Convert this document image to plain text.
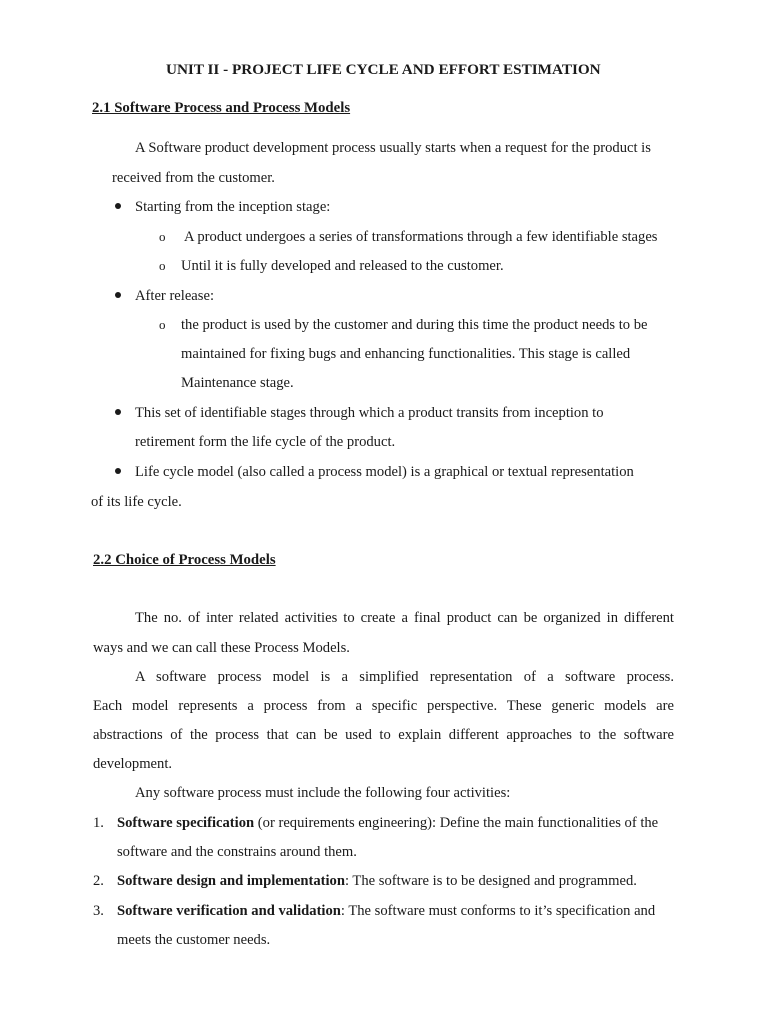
UNIT II - PROJECT LIFE CYCLE AND EFFORT ESTIMATION
2.1 Software Process and Process Models
A Software product development process usually starts when a request for the product is
received from the customer.
Starting from the inception stage:
o A product undergoes a series of transformations through a few identifiable stages
o Until it is fully developed and released to the customer.
After release:
o the product is used by the customer and during this time the product needs to be
maintained for fixing bugs and enhancing functionalities. This stage is called
Maintenance stage.
This set of identifiable stages through which a product transits from inception to
retirement form the life cycle of the product.
Life cycle model (also called a process model) is a graphical or textual representation
of its life cycle.
2.2 Choice of Process Models
The no. of inter related activities to create a final product can be organized in different
ways and we can call these Process Models.
A software process model is a simplified representation of a software process.
Each model represents a process from a specific perspective. These generic models are
abstractions of the process that can be used to explain different approaches to the software
development.
Any software process must include the following four activities:
1. Software specification (or requirements engineering): Define the main functionalities of the
software and the constrains around them.
2. Software design and implementation: The software is to be designed and programmed.
3. Software verification and validation: The software must conforms to it’s specification and
meets the customer needs.
